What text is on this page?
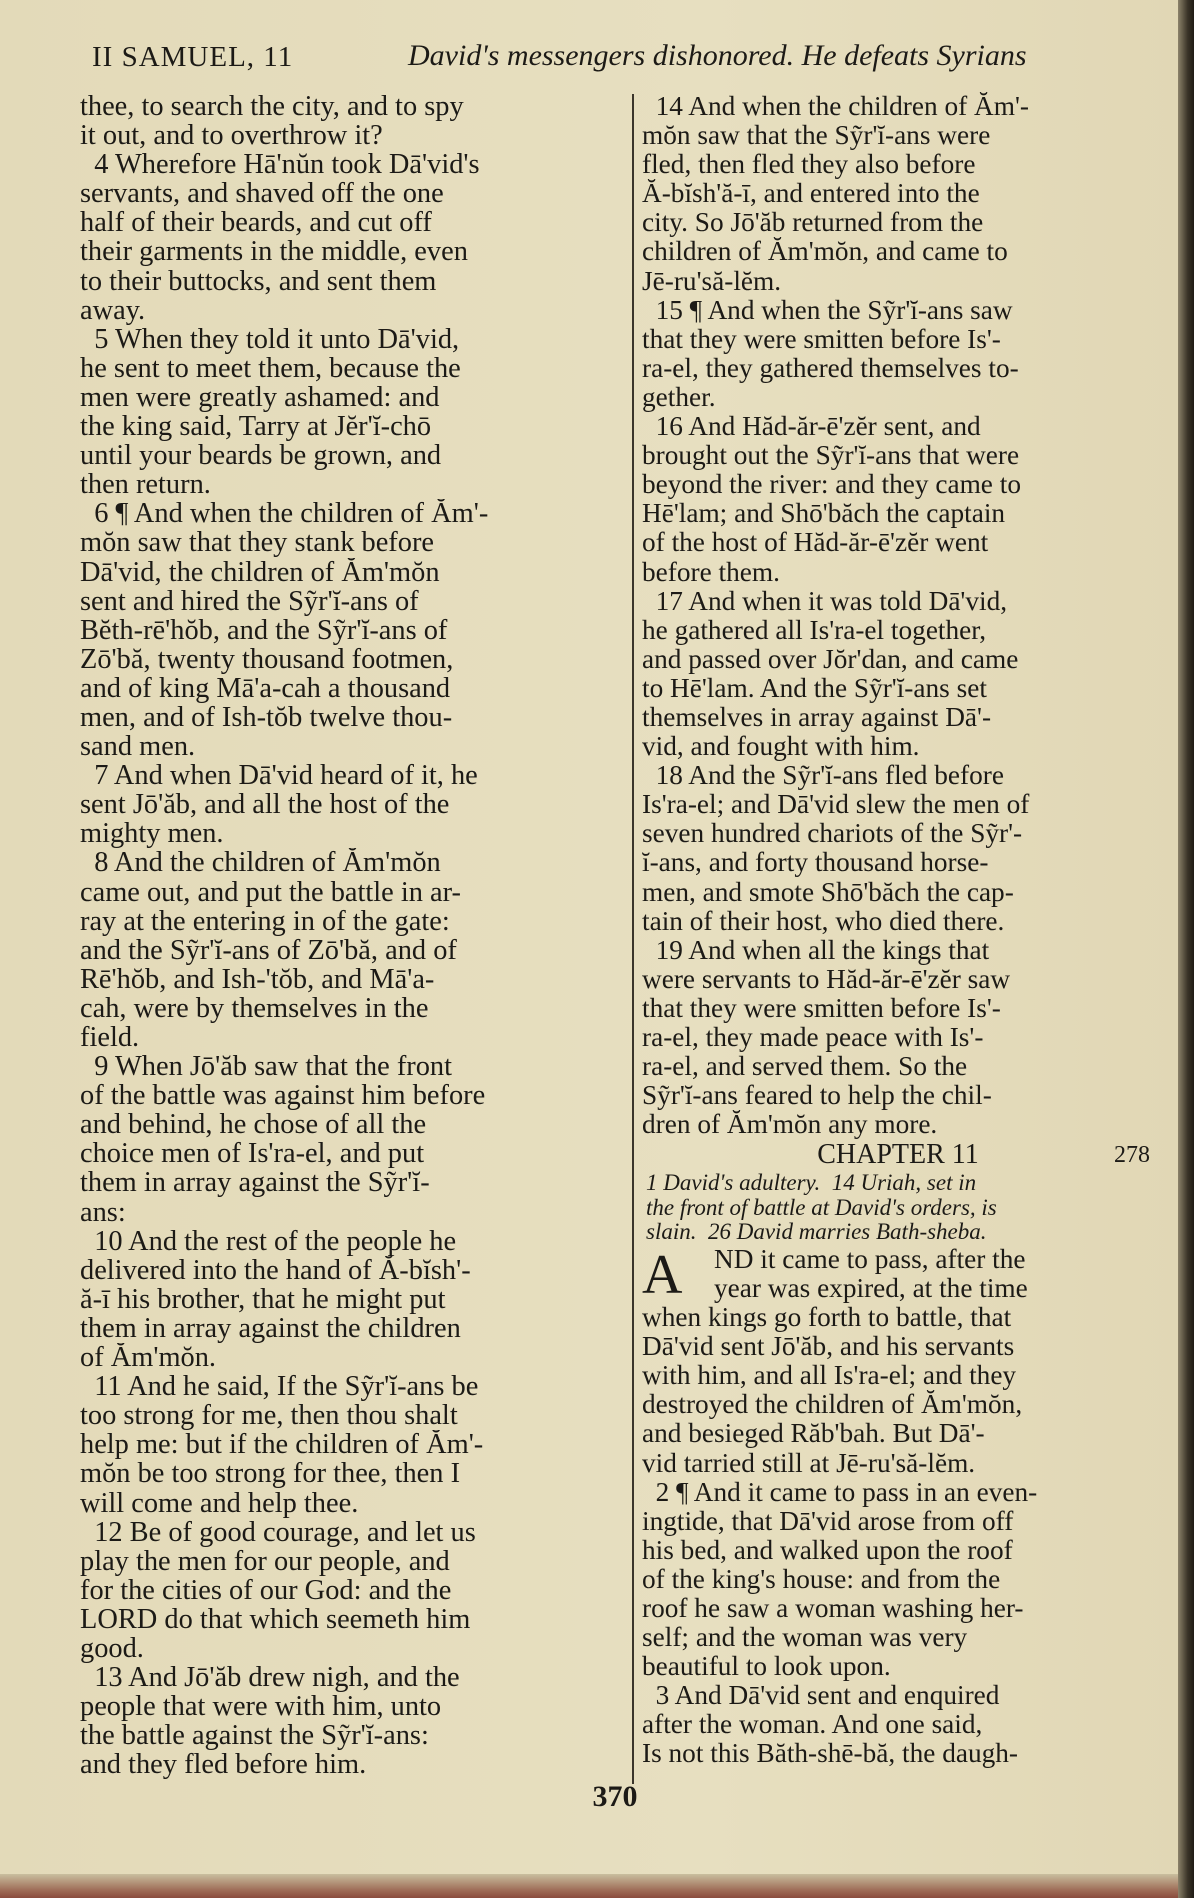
II SAMUEL, 11	David's messengers dishonored. He defeats Syrians
thee, to search the city, and to spy
it out, and to overthrow it?
4 Wherefore Hā'nŭn took Dā'vid's
servants, and shaved off the one
half of their beards, and cut off
their garments in the middle, even
to their buttocks, and sent them
away.
5 When they told it unto Dā'vid,
he sent to meet them, because the
men were greatly ashamed: and
the king said, Tarry at Jĕr'ĭ-chō
until your beards be grown, and
then return.
6 ¶ And when the children of Ăm'-
mŏn saw that they stank before
Dā'vid, the children of Ăm'mŏn
sent and hired the Sỹr'ĭ-ans of
Bĕth-rē'hŏb, and the Sỹr'ĭ-ans of
Zō'bă, twenty thousand footmen,
and of king Mā'a-cah a thousand
men, and of Ish-tŏb twelve thou-
sand men.
7 And when Dā'vid heard of it, he
sent Jō'ăb, and all the host of the
mighty men.
8 And the children of Ăm'mŏn
came out, and put the battle in ar-
ray at the entering in of the gate:
and the Sỹr'ĭ-ans of Zō'bă, and of
Rē'hŏb, and Ish-'tŏb, and Mā'a-
cah, were by themselves in the
field.
9 When Jō'ăb saw that the front
of the battle was against him before
and behind, he chose of all the
choice men of Is'ra-el, and put
them in array against the Sỹr'ĭ-
ans:
10 And the rest of the people he
delivered into the hand of Ă-bĭsh'-
ă-ī his brother, that he might put
them in array against the children
of Ăm'mŏn.
11 And he said, If the Sỹr'ĭ-ans be
too strong for me, then thou shalt
help me: but if the children of Ăm'-
mŏn be too strong for thee, then I
will come and help thee.
12 Be of good courage, and let us
play the men for our people, and
for the cities of our God: and the
LORD do that which seemeth him
good.
13 And Jō'ăb drew nigh, and the
people that were with him, unto
the battle against the Sỹr'ĭ-ans:
and they fled before him.
14 And when the children of Ăm'-
mŏn saw that the Sỹr'ĭ-ans were
fled, then fled they also before
Ă-bĭsh'ă-ī, and entered into the
city. So Jō'ăb returned from the
children of Ăm'mŏn, and came to
Jē-ru'să-lĕm.
15 ¶ And when the Sỹr'ĭ-ans saw
that they were smitten before Is'-
ra-el, they gathered themselves to-
gether.
16 And Hăd-ăr-ē'zĕr sent, and
brought out the Sỹr'ĭ-ans that were
beyond the river: and they came to
Hē'lam; and Shō'băch the captain
of the host of Hăd-ăr-ē'zĕr went
before them.
17 And when it was told Dā'vid,
he gathered all Is'ra-el together,
and passed over Jŏr'dan, and came
to Hē'lam. And the Sỹr'ĭ-ans set
themselves in array against Dā'-
vid, and fought with him.
18 And the Sỹr'ĭ-ans fled before
Is'ra-el; and Dā'vid slew the men of
seven hundred chariots of the Sỹr'-
ĭ-ans, and forty thousand horse-
men, and smote Shō'băch the cap-
tain of their host, who died there.
19 And when all the kings that
were servants to Hăd-ăr-ē'zĕr saw
that they were smitten before Is'-
ra-el, they made peace with Is'-
ra-el, and served them. So the
Sỹr'ĭ-ans feared to help the chil-
dren of Ăm'mŏn any more.
CHAPTER 11	278
1 David's adultery.  14 Uriah, set in
the front of battle at David's orders, is
slain.  26 David marries Bath-sheba.
A	ND it came to pass, after the
year was expired, at the time
when kings go forth to battle, that
Dā'vid sent Jō'ăb, and his servants
with him, and all Is'ra-el; and they
destroyed the children of Ăm'mŏn,
and besieged Răb'bah. But Dā'-
vid tarried still at Jē-ru'să-lĕm.
2 ¶ And it came to pass in an even-
ingtide, that Dā'vid arose from off
his bed, and walked upon the roof
of the king's house: and from the
roof he saw a woman washing her-
self; and the woman was very
beautiful to look upon.
3 And Dā'vid sent and enquired
after the woman. And one said,
Is not this Băth-shē-bă, the daugh-
370
